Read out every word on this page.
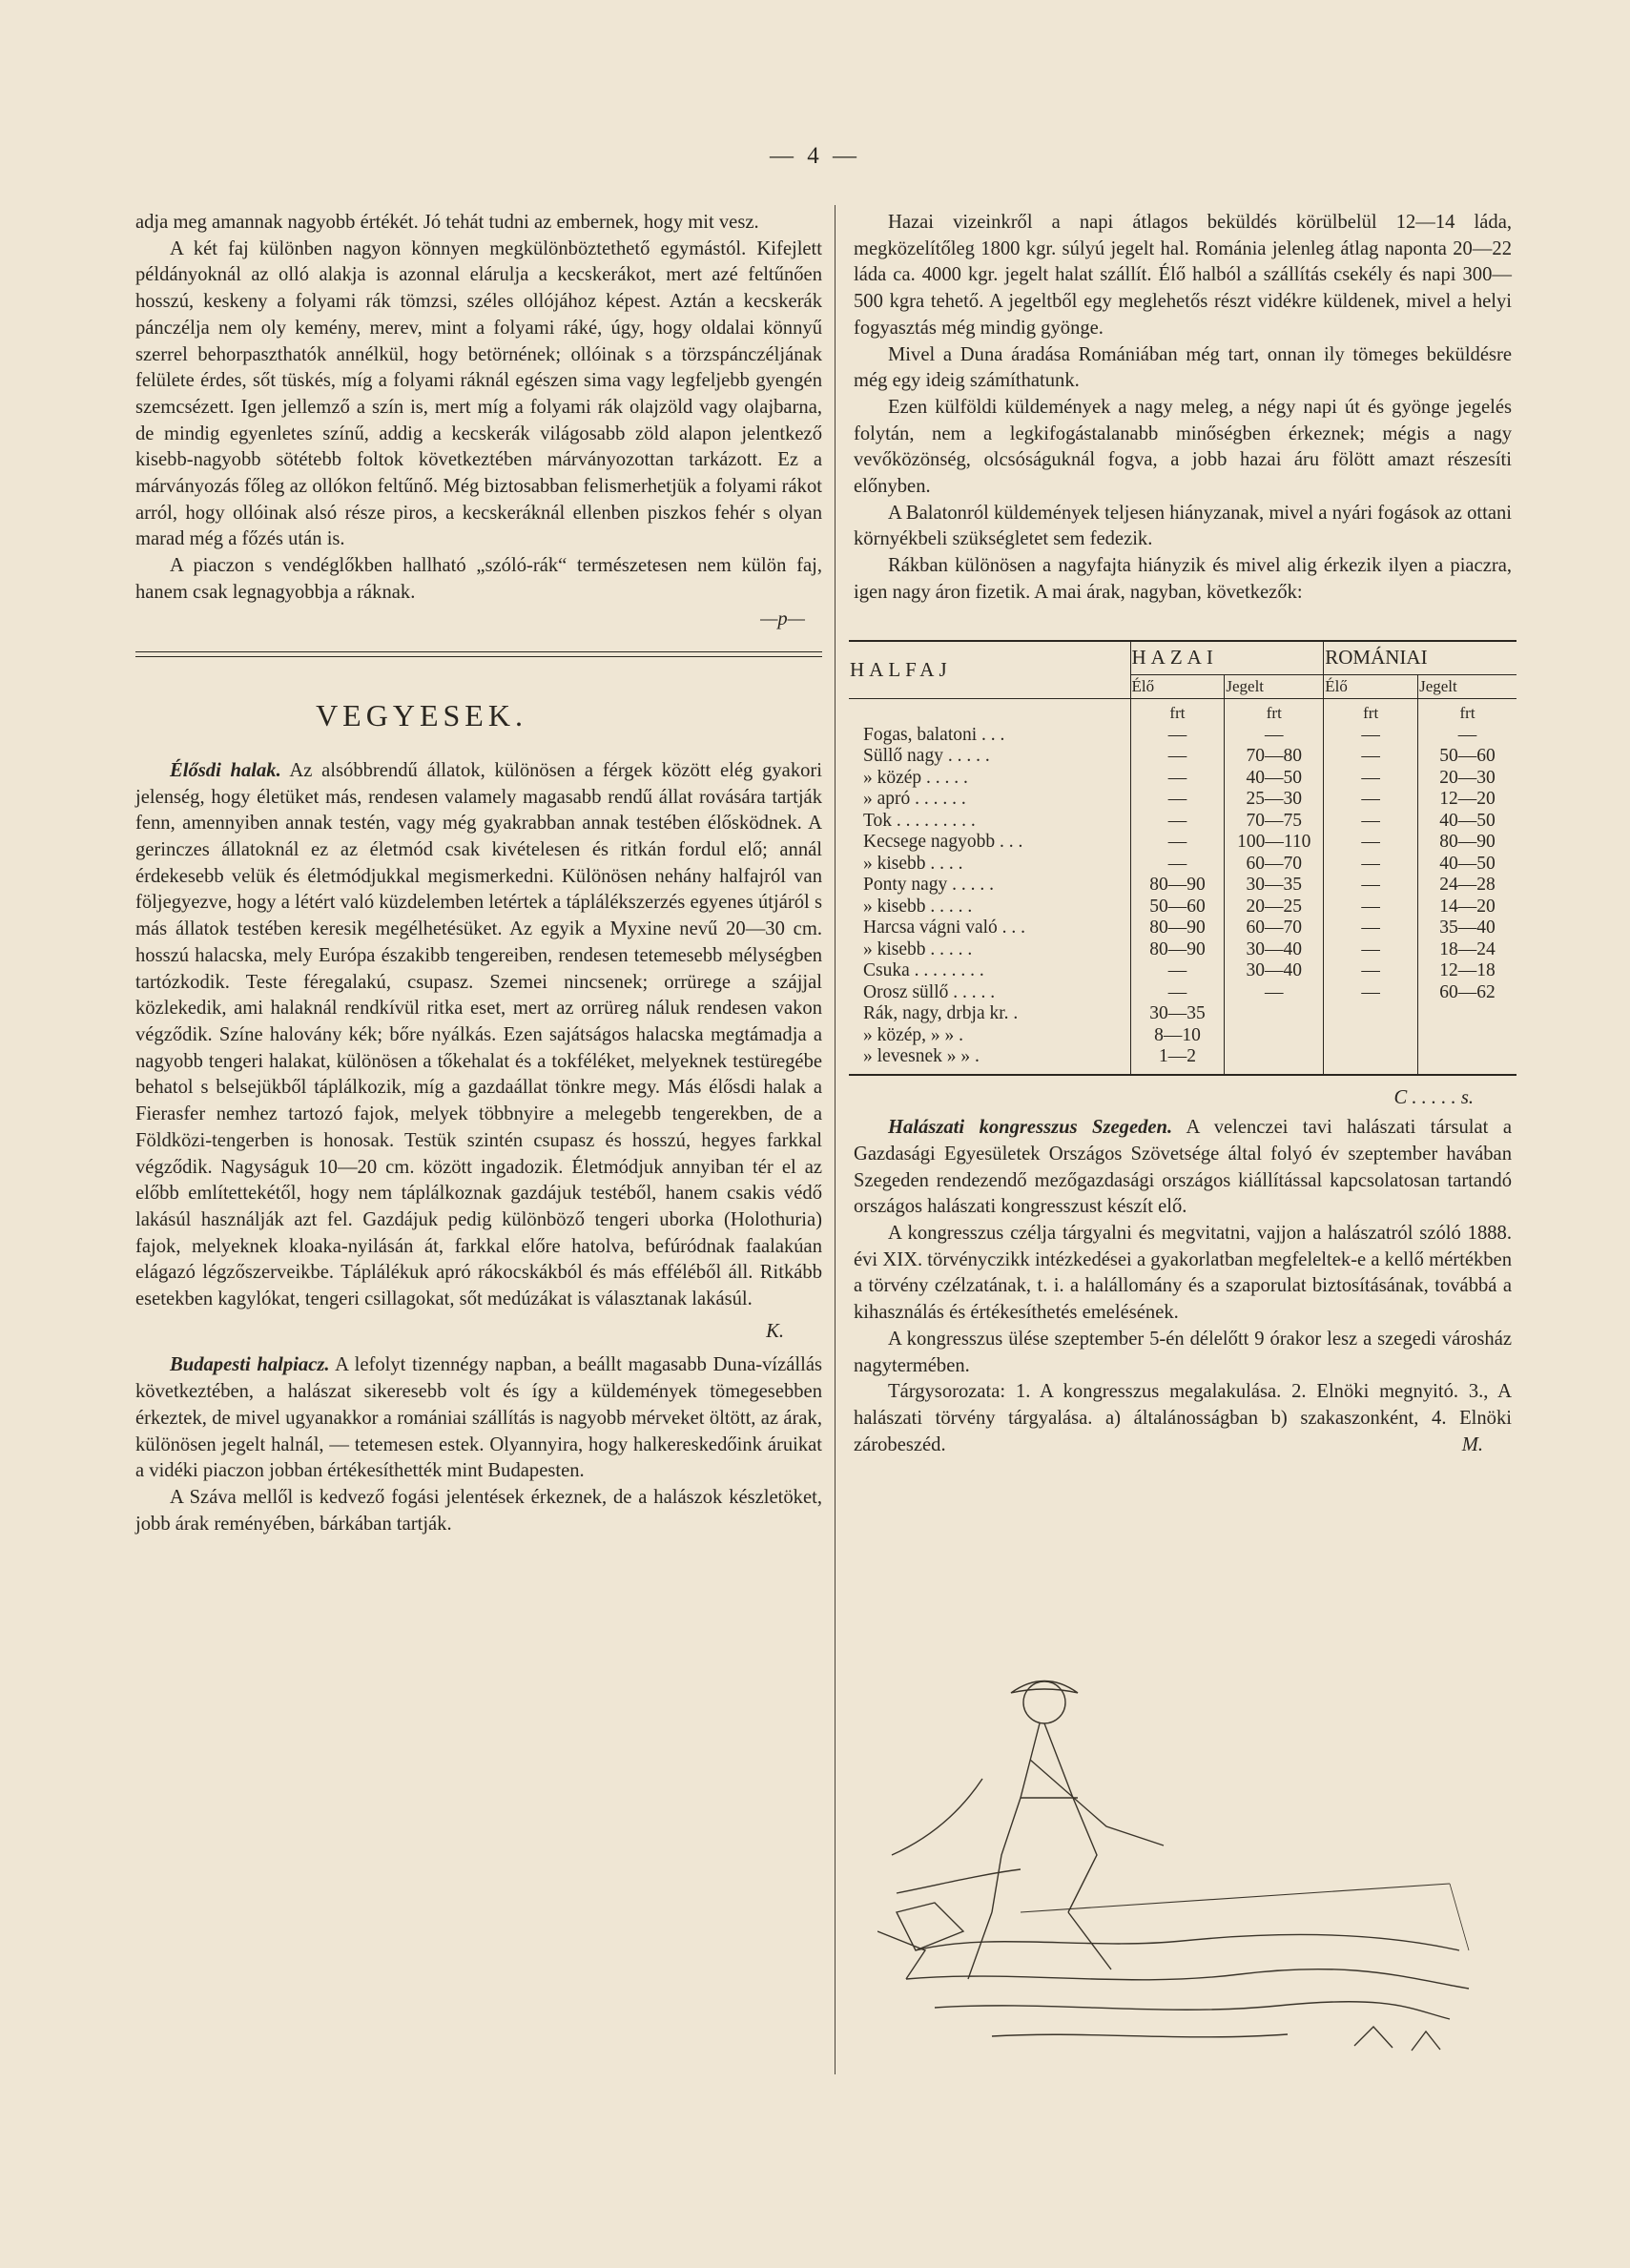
— 4 —

adja meg amannak nagyobb értékét. Jó tehát tudni az embernek, hogy mit vesz.

A két faj különben nagyon könnyen megkülönböztethető egymástól. Kifejlett példányoknál az olló alakja is azonnal elárulja a kecskerákot, mert azé feltűnően hosszú, keskeny a folyami rák tömzsi, széles ollójához képest. Aztán a kecskerák pánczélja nem oly kemény, merev, mint a folyami ráké, úgy, hogy oldalai könnyű szerrel behorpaszthatók annélkül, hogy betörnének; ollóinak s a törzspánczéljának felülete érdes, sőt tüskés, míg a folyami ráknál egészen sima vagy legfeljebb gyengén szemcsézett. Igen jellemző a szín is, mert míg a folyami rák olajzöld vagy olajbarna, de mindig egyenletes színű, addig a kecskerák világosabb zöld alapon jelentkező kisebb-nagyobb sötétebb foltok következtében márványozottan tarkázott. Ez a márványozás főleg az ollókon feltűnő. Még biztosabban felismerhetjük a folyami rákot arról, hogy ollóinak alsó része piros, a kecskeráknál ellenben piszkos fehér s olyan marad még a főzés után is.

A piaczon s vendéglőkben hallható „szóló-rák“ természetesen nem külön faj, hanem csak legnagyobbja a ráknak.

—p—

VEGYESEK.

Élősdi halak. Az alsóbbrendű állatok, különösen a férgek között elég gyakori jelenség, hogy életüket más, rendesen valamely magasabb rendű állat rovására tartják fenn, amennyiben annak testén, vagy még gyakrabban annak testében élősködnek. A gerinczes állatoknál ez az életmód csak kivételesen és ritkán fordul elő; annál érdekesebb velük és életmódjukkal megismerkedni. Különösen nehány halfajról van följegyezve, hogy a létért való küzdelemben letértek a táplálékszerzés egyenes útjáról s más állatok testében keresik megélhetésüket. Az egyik a Myxine nevű 20—30 cm. hosszú halacska, mely Európa északibb tengereiben, rendesen tetemesebb mélységben tartózkodik. Teste féregalakú, csupasz. Szemei nincsenek; orrürege a szájjal közlekedik, ami halaknál rendkívül ritka eset, mert az orrüreg náluk rendesen vakon végződik. Színe halovány kék; bőre nyálkás. Ezen sajátságos halacska megtámadja a nagyobb tengeri halakat, különösen a tőkehalat és a tokféléket, melyeknek testüregébe behatol s belsejükből táplálkozik, míg a gazdaállat tönkre megy. Más élősdi halak a Fierasfer nemhez tartozó fajok, melyek többnyire a melegebb tengerekben, de a Földközi-tengerben is honosak. Testük szintén csupasz és hosszú, hegyes farkkal végződik. Nagyságuk 10—20 cm. között ingadozik. Életmódjuk annyiban tér el az előbb említettekétől, hogy nem táplálkoznak gazdájuk testéből, hanem csakis védő lakásúl használják azt fel. Gazdájuk pedig különböző tengeri uborka (Holothuria) fajok, melyeknek kloaka-nyilásán át, farkkal előre hatolva, befúródnak faalakúan elágazó légzőszerveikbe. Táplálékuk apró rákocskákból és más efféléből áll. Ritkább esetekben kagylókat, tengeri csillagokat, sőt medúzákat is választanak lakásúl.

K.

Budapesti halpiacz. A lefolyt tizennégy napban, a beállt magasabb Duna-vízállás következtében, a halászat sikeresebb volt és így a küldemények tömegesebben érkeztek, de mivel ugyanakkor a romániai szállítás is nagyobb mérveket öltött, az árak, különösen jegelt halnál, — tetemesen estek. Olyannyira, hogy halkereskedőink áruikat a vidéki piaczon jobban értékesíthették mint Budapesten.

A Száva mellől is kedvező fogási jelentések érkeznek, de a halászok készletöket, jobb árak reményében, bárkában tartják.

Hazai vizeinkről a napi átlagos beküldés körülbelül 12—14 láda, megközelítőleg 1800 kgr. súlyú jegelt hal. Románia jelenleg átlag naponta 20—22 láda ca. 4000 kgr. jegelt halat szállít. Élő halból a szállítás csekély és napi 300—500 kgra tehető. A jegeltből egy meglehetős részt vidékre küldenek, mivel a helyi fogyasztás még mindig gyönge.

Mivel a Duna áradása Romániában még tart, onnan ily tömeges beküldésre még egy ideig számíthatunk.

Ezen külföldi küldemények a nagy meleg, a négy napi út és gyönge jegelés folytán, nem a legkifogástalanabb minőségben érkeznek; mégis a nagy vevőközönség, olcsóságuknál fogva, a jobb hazai áru fölött amazt részesíti előnyben.

A Balatonról küldemények teljesen hiányzanak, mivel a nyári fogások az ottani környékbeli szükségletet sem fedezik.

Rákban különösen a nagyfajta hiányzik és mivel alig érkezik ilyen a piaczra, igen nagy áron fizetik. A mai árak, nagyban, következők:

HALFAJ	HAZAI		ROMÁNIAI	
	Élő	Jegelt	Élő	Jegelt
	frt	frt	frt	frt
Fogas, balatoni . . .	—	—	—	—
Süllő nagy . . . . .	—	70—80	—	50—60
» közép . . . . .	—	40—50	—	20—30
» apró . . . . . .	—	25—30	—	12—20
Tok . . . . . . . . .	—	70—75	—	40—50
Kecsege nagyobb . . .	—	100—110	—	80—90
» kisebb . . . .	—	60—70	—	40—50
Ponty nagy . . . . .	80—90	30—35	—	24—28
» kisebb . . . . .	50—60	20—25	—	14—20
Harcsa vágni való . . .	80—90	60—70	—	35—40
» kisebb . . . . .	80—90	30—40	—	18—24
Csuka . . . . . . . .	—	30—40	—	12—18
Orosz süllő . . . . .	—	—	—	60—62
Rák, nagy, drbja kr. .	30—35			
» közép, » » .	8—10			
» levesnek » » .	1—2			

C . . . . . s.

Halászati kongresszus Szegeden. A velenczei tavi halászati társulat a Gazdasági Egyesületek Országos Szövetsége által folyó év szeptember havában Szegeden rendezendő mezőgazdasági országos kiállítással kapcsolatosan tartandó országos halászati kongresszust készít elő.

A kongresszus czélja tárgyalni és megvitatni, vajjon a halászatról szóló 1888. évi XIX. törvényczikk intézkedései a gyakorlatban megfeleltek-e a kellő mértékben a törvény czélzatának, t. i. a halállomány és a szaporulat biztosításának, továbbá a kihasználás és értékesíthetés emelésének.

A kongresszus ülése szeptember 5-én délelőtt 9 órakor lesz a szegedi városház nagytermében.

Tárgysorozata: 1. A kongresszus megalakulása. 2. Elnöki megnyitó. 3., A halászati törvény tárgyalása. a) általánosságban b) szakaszonként, 4. Elnöki zárobeszéd.	M.
